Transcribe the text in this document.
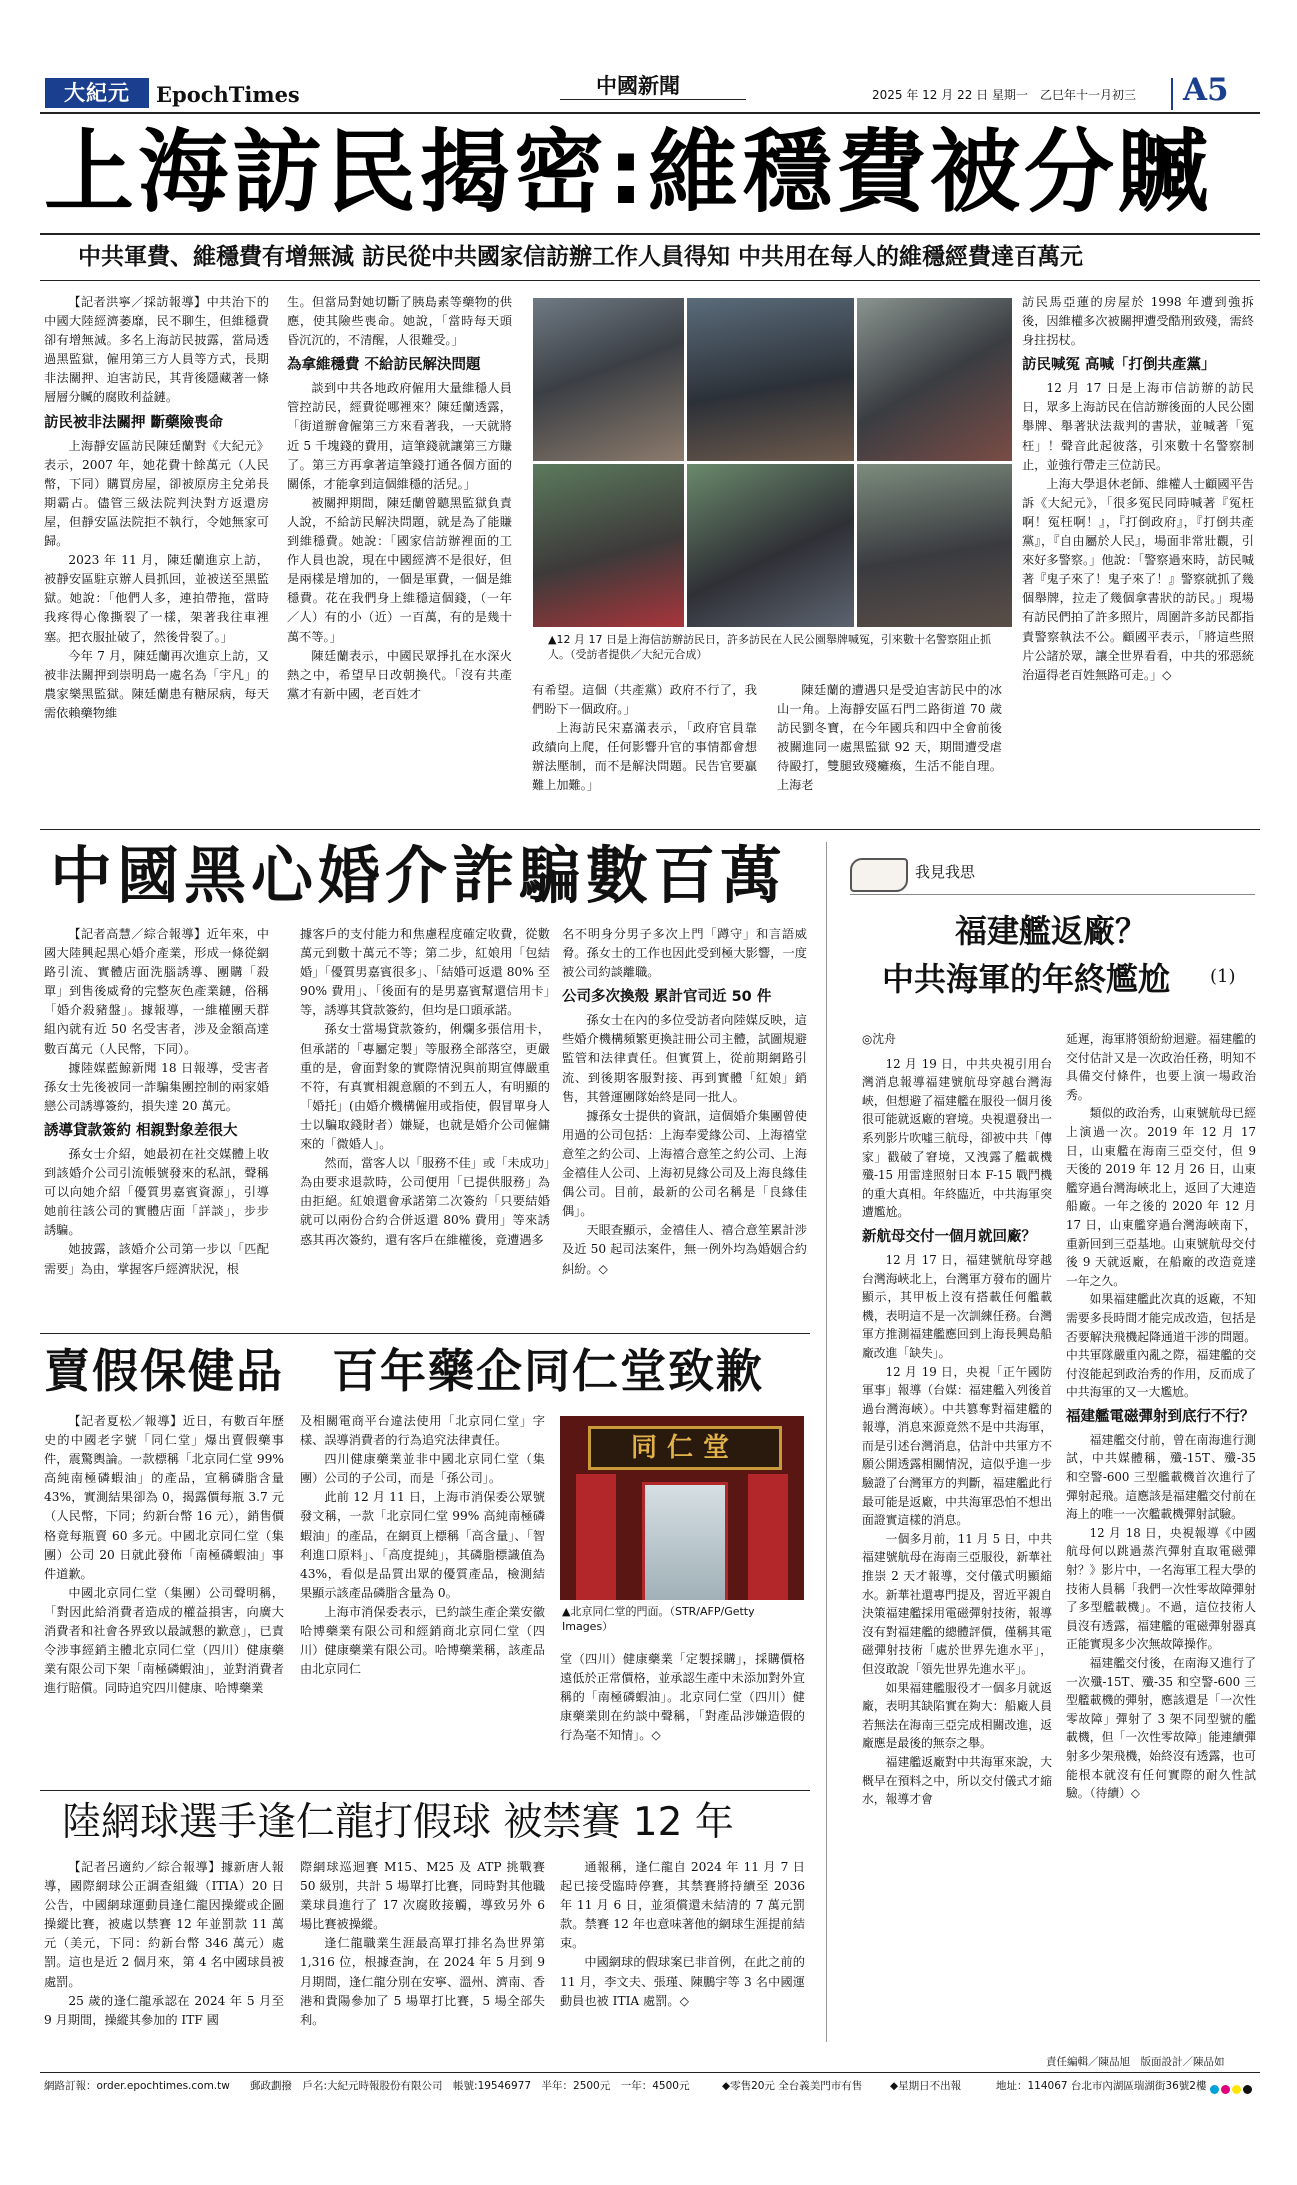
大紀元	EpochTimes	中國新聞	2025 年 12 月 22 日 星期一　乙巳年十一月初三 A5
上海訪民揭密:維穩費被分贓
中共軍費、維穩費有增無減 訪民從中共國家信訪辦工作人員得知 中共用在每人的維穩經費達百萬元

【記者洪寧／採訪報導】中共治下的中國大陸經濟萎靡，民不聊生，但維穩費卻有增無減。多名上海訪民披露，當局透過黑監獄，僱用第三方人員等方式，長期非法關押、迫害訪民，其背後隱藏著一條層層分贓的腐敗利益鏈。

訪民被非法關押 斷藥險喪命

上海靜安區訪民陳廷蘭對《大紀元》表示，2007 年，她花費十餘萬元（人民幣，下同）購買房屋，卻被原房主兌弟長期霸占。儘管三級法院判決對方返還房屋，但靜安區法院拒不執行，令她無家可歸。

2023 年 11 月，陳廷蘭進京上訪，被靜安區駐京辦人員抓回，並被送至黑監獄。她說：「他們人多，連拍帶拖，當時我疼得心像撕裂了一樣，架著我往車裡塞。把衣服扯破了，然後骨裂了。」

今年 7 月，陳廷蘭再次進京上訪，又被非法關押到崇明島一處名為「宇凡」的農家樂黑監獄。陳廷蘭患有糖尿病，每天需依賴藥物維

生。但當局對她切斷了胰島素等藥物的供應，使其險些喪命。她說，「當時每天頭昏沉沉的，不清醒，人很難受。」

為拿維穩費 不給訪民解決問題

談到中共各地政府僱用大量維穩人員管控訪民，經費從哪裡來？陳廷蘭透露，「街道辦會僱第三方來看著我，一天就將近 5 千塊錢的費用，這筆錢就讓第三方賺了。第三方再拿著這筆錢打通各個方面的關係，才能拿到這個維穩的活兒。」

被關押期間，陳廷蘭曾聽黑監獄負責人說，不給訪民解決問題，就是為了能賺到維穩費。她說：「國家信訪辦裡面的工作人員也說，現在中國經濟不是很好，但是兩樣是增加的，一個是軍費，一個是維穩費。花在我們身上維穩這個錢，（一年／人）有的小（近）一百萬，有的是幾十萬不等。」

陳廷蘭表示，中國民眾掙扎在水深火熱之中，希望早日改朝換代。「沒有共產黨才有新中國，老百姓才

▲12 月 17 日是上海信訪辦訪民日，許多訪民在人民公園舉牌喊冤，引來數十名警察阻止抓人。（受訪者提供／大紀元合成）

有希望。這個（共產黨）政府不行了，我們盼下一個政府。」

上海訪民宋嘉滿表示，「政府官員靠政績向上爬，任何影響升官的事情都會想辦法壓制，而不是解決問題。民告官要贏難上加難。」

陳廷蘭的遭遇只是受迫害訪民中的冰山一角。上海靜安區石門二路街道 70 歲訪民劉冬寶，在今年國兵和四中全會前後被關進同一處黑監獄 92 天，期間遭受虐待毆打，雙腿致殘癱瘓，生活不能自理。上海老

訪民馬亞蓮的房屋於 1998 年遭到強拆後，因維權多次被關押遭受酷刑致殘，需終身拄拐杖。

訪民喊冤 高喊「打倒共產黨」

12 月 17 日是上海市信訪辦的訪民日，眾多上海訪民在信訪辦後面的人民公園舉牌、舉著狀法裁判的書狀，並喊著「冤枉」！聲音此起彼落，引來數十名警察制止，並強行帶走三位訪民。

上海大學退休老師、維權人士顧國平告訴《大紀元》，「很多冤民同時喊著『冤枉啊！冤枉啊！』，『打倒政府』，『打倒共產黨』，『自由屬於人民』，場面非常壯觀，引來好多警察。」他說：「警察過來時，訪民喊著『鬼子來了！鬼子來了！』警察就抓了幾個舉牌，拉走了幾個拿書狀的訪民。」現場有訪民們拍了許多照片，周圍許多訪民都指責警察執法不公。顧國平表示，「將這些照片公諸於眾，讓全世界看看，中共的邪惡統治逼得老百姓無路可走。」◇

中國黑心婚介詐騙數百萬

【記者高慧／綜合報導】近年來，中國大陸興起黑心婚介產業，形成一條從網路引流、實體店面洗腦誘導、團購「殺單」到售後威脅的完整灰色產業鏈，俗稱「婚介殺豬盤」。據報導，一維權團天群組內就有近 50 名受害者，涉及金額高達數百萬元（人民幣，下同）。

據陸媒藍鯨新聞 18 日報導，受害者孫女士先後被同一詐騙集團控制的兩家婚戀公司誘導簽約，損失達 20 萬元。

誘導貸款簽約 相親對象差很大

孫女士介紹，她最初在社交媒體上收到該婚介公司引流帳號發來的私訊，聲稱可以向她介紹「優質男嘉賓資源」，引導她前往該公司的實體店面「詳談」，步步誘騙。

她披露，該婚介公司第一步以「匹配需要」為由，掌握客戶經濟狀況，根

據客戶的支付能力和焦慮程度確定收費，從數萬元到數十萬元不等；第二步，紅娘用「包結婚」「優質男嘉賓很多」、「結婚可返還 80% 至 90% 費用」、「後面有的是男嘉賓幫還信用卡」等，誘導其貸款簽約，但均是口頭承諾。

孫女士當場貸款簽約，俐爛多張信用卡，但承諾的「專屬定製」等服務全部落空，更嚴重的是，會面對象的實際情況與前期宣傳嚴重不符，有真實相親意願的不到五人，有明顯的「婚托」(由婚介機構僱用或指使，假冒單身人士以騙取錢財者）嫌疑，也就是婚介公司僱傭來的「微婚人」。

然而，當客人以「服務不佳」或「未成功」為由要求退款時，公司便用「已提供服務」為由拒絕。紅娘還會承諾第二次簽約「只要結婚就可以兩份合約合併返還 80% 費用」等來誘惑其再次簽約，還有客戶在維權後，竟遭遇多

名不明身分男子多次上門「蹲守」和言語威脅。孫女士的工作也因此受到極大影響，一度被公司約談離職。

公司多次換殼 累計官司近 50 件

孫女士在內的多位受訪者向陸媒反映，這些婚介機構頻繁更換註冊公司主體，試圖規避監管和法律責任。但實質上，從前期網路引流、到後期客服對接、再到實體「紅娘」銷售，其營運團隊始終是同一批人。

據孫女士提供的資訊，這個婚介集團曾使用過的公司包括：上海奉愛緣公司、上海禧堂意笙之約公司、上海禧合意笙之約公司、上海金禧佳人公司、上海初見緣公司及上海良緣佳偶公司。目前，最新的公司名稱是「良緣佳偶」。

天眼查顯示，金禧佳人、禧合意笙累計涉及近 50 起司法案件，無一例外均為婚姻合約糾紛。◇

賣假保健品　百年藥企同仁堂致歉

【記者夏松／報導】近日，有數百年歷史的中國老字號「同仁堂」爆出賣假藥事件，震驚輿論。一款標稱「北京同仁堂 99% 高純南極磷蝦油」的產品，宣稱磷脂含量 43%，實測結果卻為 0，揭露價每瓶 3.7 元（人民幣，下同；約新台幣 16 元），銷售價格竟每瓶賣 60 多元。中國北京同仁堂（集團）公司 20 日就此發佈「南極磷蝦油」事件道歉。

中國北京同仁堂（集團）公司聲明稱，「對因此給消費者造成的權益損害，向廣大消費者和社會各界致以最誠懇的歉意」，已責令涉事經銷主體北京同仁堂（四川）健康藥業有限公司下架「南極磷蝦油」，並對消費者進行賠償。同時追究四川健康、哈博藥業

及相關電商平台違法使用「北京同仁堂」字樣、誤導消費者的行為追究法律責任。

四川健康藥業並非中國北京同仁堂（集團）公司的子公司，而是「孫公司」。

此前 12 月 11 日，上海市消保委公眾號發文稱，一款「北京同仁堂 99% 高純南極磷蝦油」的產品，在網頁上標稱「高含量」、「智利進口原料」、「高度提純」，其磷脂標識值為 43%，看似是品質出眾的優質產品，檢測結果顯示該產品磷脂含量為 0。

上海市消保委表示，已約談生產企業安徽哈博藥業有限公司和經銷商北京同仁堂（四川）健康藥業有限公司。哈博藥業稱，該產品由北京同仁

同仁堂
▲北京同仁堂的門面。（STR/AFP/Getty Images）

堂（四川）健康藥業「定製採購」，採購價格遠低於正常價格，並承認生產中未添加對外宣稱的「南極磷蝦油」。北京同仁堂（四川）健康藥業則在約談中聲稱，「對產品涉嫌造假的行為毫不知情」。◇

陸網球選手逢仁龍打假球 被禁賽 12 年

【記者呂適約／綜合報導】據新唐人報導，國際網球公正調查組織（ITIA）20 日公告，中國網球運動員逢仁龍因操縱或企圖操縱比賽，被處以禁賽 12 年並罰款 11 萬元（美元，下同：約新台幣 346 萬元）處罰。這也是近 2 個月來，第 4 名中國球員被處罰。

25 歲的逢仁龍承認在 2024 年 5 月至 9 月期間，操縱其參加的 ITF 國

際網球巡迴賽 M15、M25 及 ATP 挑戰賽 50 級別，共計 5 場單打比賽，同時對其他職業球員進行了 17 次腐敗接觸，導致另外 6 場比賽被操縱。

逢仁龍職業生涯最高單打排名為世界第 1,316 位，根據查詢，在 2024 年 5 月到 9 月期間，逢仁龍分別在安寧、溫州、濟南、香港和貴陽參加了 5 場單打比賽，5 場全部失利。

通報稱，逢仁龍自 2024 年 11 月 7 日起已接受臨時停賽，其禁賽將持續至 2036 年 11 月 6 日，並須償還未結清的 7 萬元罰款。禁賽 12 年也意味著他的網球生涯提前結束。

中國網球的假球案已非首例，在此之前的 11 月，李文夫、張瑾、陳鵬宇等 3 名中國運動員也被 ITIA 處罰。◇

我見我思
福建艦返廠？
中共海軍的年終尷尬 (1)
◎沈舟

12 月 19 日，中共央視引用台灣消息報導福建號航母穿越台灣海峽，但想避了福建艦在服役一個月後很可能就返廠的窘境。央視還發出一系列影片吹噓三航母，卻被中共「傳家」戳破了窘境，又洩露了艦載機殲-15 用雷達照射日本 F-15 戰鬥機的重大真相。年終臨近，中共海軍突遭尷尬。

新航母交付一個月就回廠？

12 月 17 日，福建號航母穿越台灣海峽北上，台灣軍方發布的圖片顯示，其甲板上沒有搭載任何艦載機，表明這不是一次訓練任務。台灣軍方推測福建艦應回到上海長興島船廠改進「缺失」。

12 月 19 日，央視「正午國防軍事」報導（台媒：福建艦入列後首過台灣海峽）。中共篡奪對福建艦的報導，消息來源竟然不是中共海軍，而是引述台灣消息，估計中共軍方不願公開透露相關情況，這似乎進一步驗證了台灣軍方的判斷，福建艦此行最可能是返廠，中共海軍恐怕不想出面證實這樣的消息。

一個多月前，11 月 5 日，中共福建號航母在海南三亞服役，新華社推崇 2 天才報導，交付儀式明顯縮水。新華社還專門提及，習近平親自決策福建艦採用電磁彈射技術，報導沒有對福建艦的總體評價，僅稱其電磁彈射技術「處於世界先進水平」，但沒敢說「領先世界先進水平」。

如果福建艦服役才一個多月就返廠，表明其缺陷實在夠大：船廠人員若無法在海南三亞完成相關改進，返廠應是最後的無奈之舉。

福建艦返廠對中共海軍來說，大概早在預料之中，所以交付儀式才縮水，報導才會

延遲，海軍將領紛紛迴避。福建艦的交付估計又是一次政治任務，明知不具備交付條件，也要上演一場政治秀。

類似的政治秀，山東號航母已經上演過一次。2019 年 12 月 17 日，山東艦在海南三亞交付，但 9 天後的 2019 年 12 月 26 日，山東艦穿過台灣海峽北上，返回了大連造船廠。一年之後的 2020 年 12 月 17 日，山東艦穿過台灣海峽南下，重新回到三亞基地。山東號航母交付後 9 天就返廠，在船廠的改造竟達一年之久。

如果福建艦此次真的返廠，不知需要多長時間才能完成改造，包括是否要解決飛機起降通道干涉的問題。中共軍隊嚴重內亂之際，福建艦的交付沒能起到政治秀的作用，反而成了中共海軍的又一大尷尬。

福建艦電磁彈射到底行不行？

福建艦交付前，曾在南海進行測試，中共媒體稱，殲-15T、殲-35 和空警-600 三型艦載機首次進行了彈射起飛。這應該是福建艦交付前在海上的唯一一次艦載機彈射試驗。

12 月 18 日，央視報導《中國航母何以跳過蒸汽彈射直取電磁彈射？》影片中，一名海軍工程大學的技術人員稱「我們一次性零故障彈射了多型艦載機」。不過，這位技術人員沒有透露，福建艦的電磁彈射器真正能實現多少次無故障操作。

福建艦交付後，在南海又進行了一次殲-15T、殲-35 和空警-600 三型艦載機的彈射，應該還是「一次性零故障」彈射了 3 架不同型號的艦載機，但「一次性零故障」能連續彈射多少架飛機，始終沒有透露，也可能根本就沒有任何實際的耐久性試驗。（待續）◇

責任編輯／陳品旭　版面設計／陳品如
網路訂報：order.epochtimes.com.tw 郵政劃撥　戶名:大紀元時報股份有限公司　帳號:19546977　半年：2500元　一年：4500元	◆零售20元 全台義美門市有售	◆星期日不出報	地址：114067 台北市內湖區瑞湖街36號2樓
